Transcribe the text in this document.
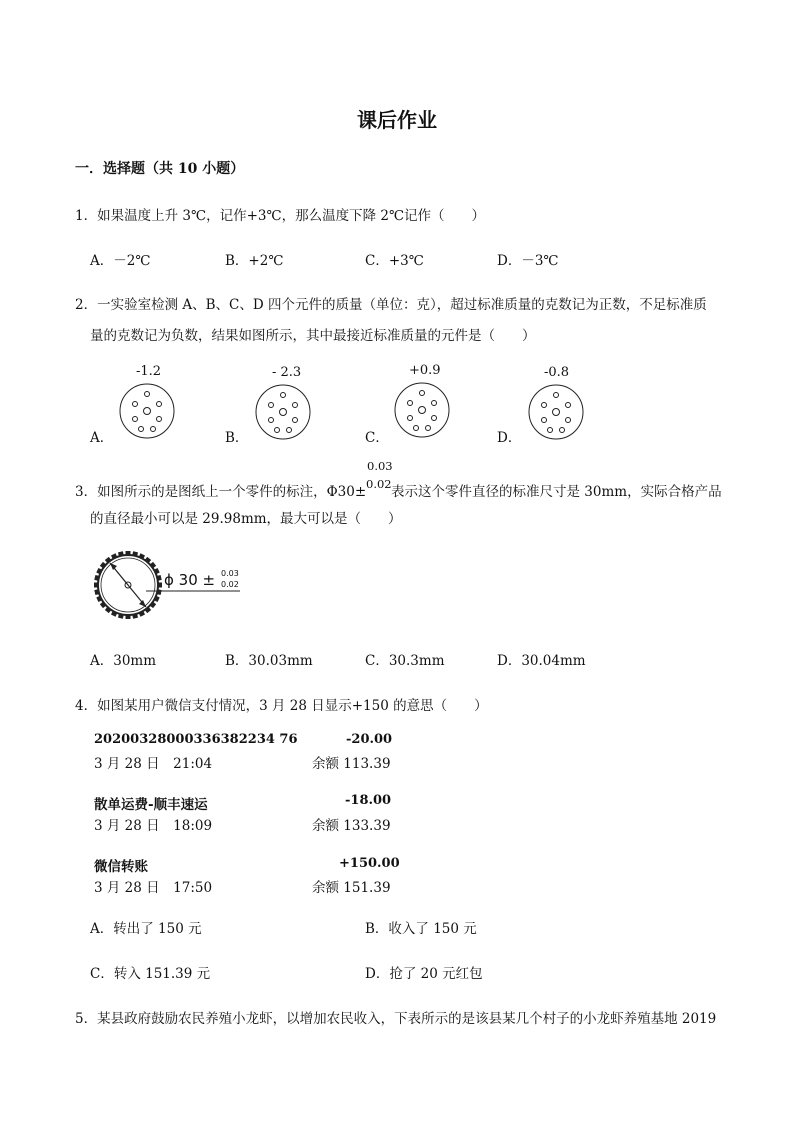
课后作业
一．选择题（共 10 小题）
1．如果温度上升 3℃，记作+3℃，那么温度下降 2℃记作（　　）
A．－2℃	B．+2℃	C．+3℃	D．－3℃
2．一实验室检测 A、B、C、D 四个元件的质量（单位：克），超过标准质量的克数记为正数，不足标准质
量的克数记为负数，结果如图所示，其中最接近标准质量的元件是（　　）
-1.2
A．
- 2.3
B．
+0.9
C．
-0.8
D．
0.03
3．如图所示的是图纸上一个零件的标注，Φ30± 0.02 表示这个零件直径的标准尺寸是 30mm，实际合格产品
的直径最小可以是 29.98mm，最大可以是（　　）
ϕ 30 ± 0.03
0.02
A．30mm	B．30.03mm	C．30.3mm	D．30.04mm
4．如图某用户微信支付情况，3 月 28 日显示+150 的意思（　　）
20200328000336382234 76	-20.00
3 月 28 日　21:04	余额 113.39
散单运费-顺丰速运	-18.00
3 月 28 日　18:09	余额 133.39
微信转账	+150.00
3 月 28 日　17:50	余额 151.39
A．转出了 150 元	B．收入了 150 元
C．转入 151.39 元	D．抢了 20 元红包
5．某县政府鼓励农民养殖小龙虾，以增加农民收入，下表所示的是该县某几个村子的小龙虾养殖基地 2019
